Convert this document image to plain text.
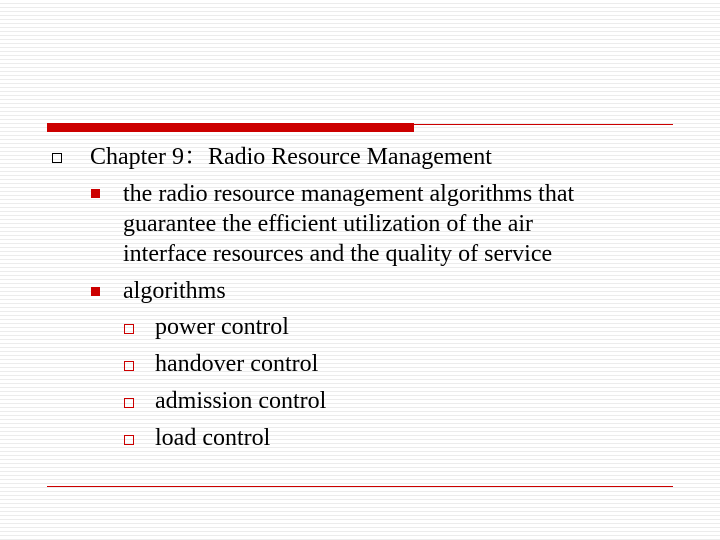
Chapter 9：Radio Resource Management
the radio resource management algorithms that
guarantee the efficient utilization of the air
interface resources and the quality of service
algorithms
power control
handover control
admission control
load control
